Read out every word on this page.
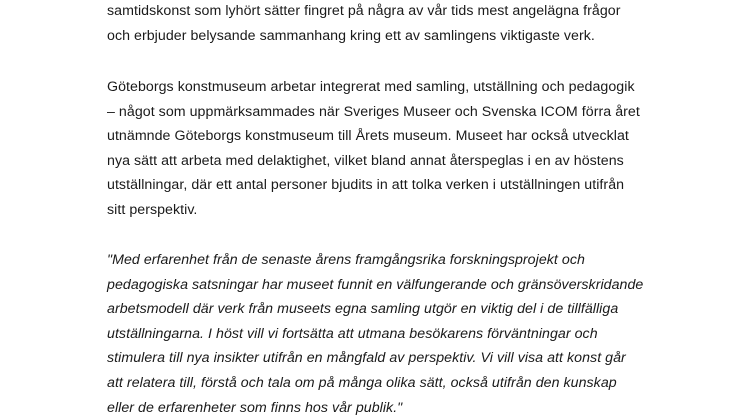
samtidskonst som lyhört sätter fingret på några av vår tids mest angelägna frågor

och erbjuder belysande sammanhang kring ett av samlingens viktigaste verk.

Göteborgs konstmuseum arbetar integrerat med samling, utställning och pedagogik

– något som uppmärksammades när Sveriges Museer och Svenska ICOM förra året

utnämnde Göteborgs konstmuseum till Årets museum. Museet har också utvecklat

nya sätt att arbeta med delaktighet, vilket bland annat återspeglas i en av höstens

utställningar, där ett antal personer bjudits in att tolka verken i utställningen utifrån

sitt perspektiv.

"Med erfarenhet från de senaste årens framgångsrika forskningsprojekt och

pedagogiska satsningar har museet funnit en välfungerande och gränsöverskridande

arbetsmodell där verk från museets egna samling utgör en viktig del i de tillfälliga

utställningarna. I höst vill vi fortsätta att utmana besökarens förväntningar och

stimulera till nya insikter utifrån en mångfald av perspektiv. Vi vill visa att konst går

att relatera till, förstå och tala om på många olika sätt, också utifrån den kunskap

eller de erfarenheter som finns hos vår publik."
